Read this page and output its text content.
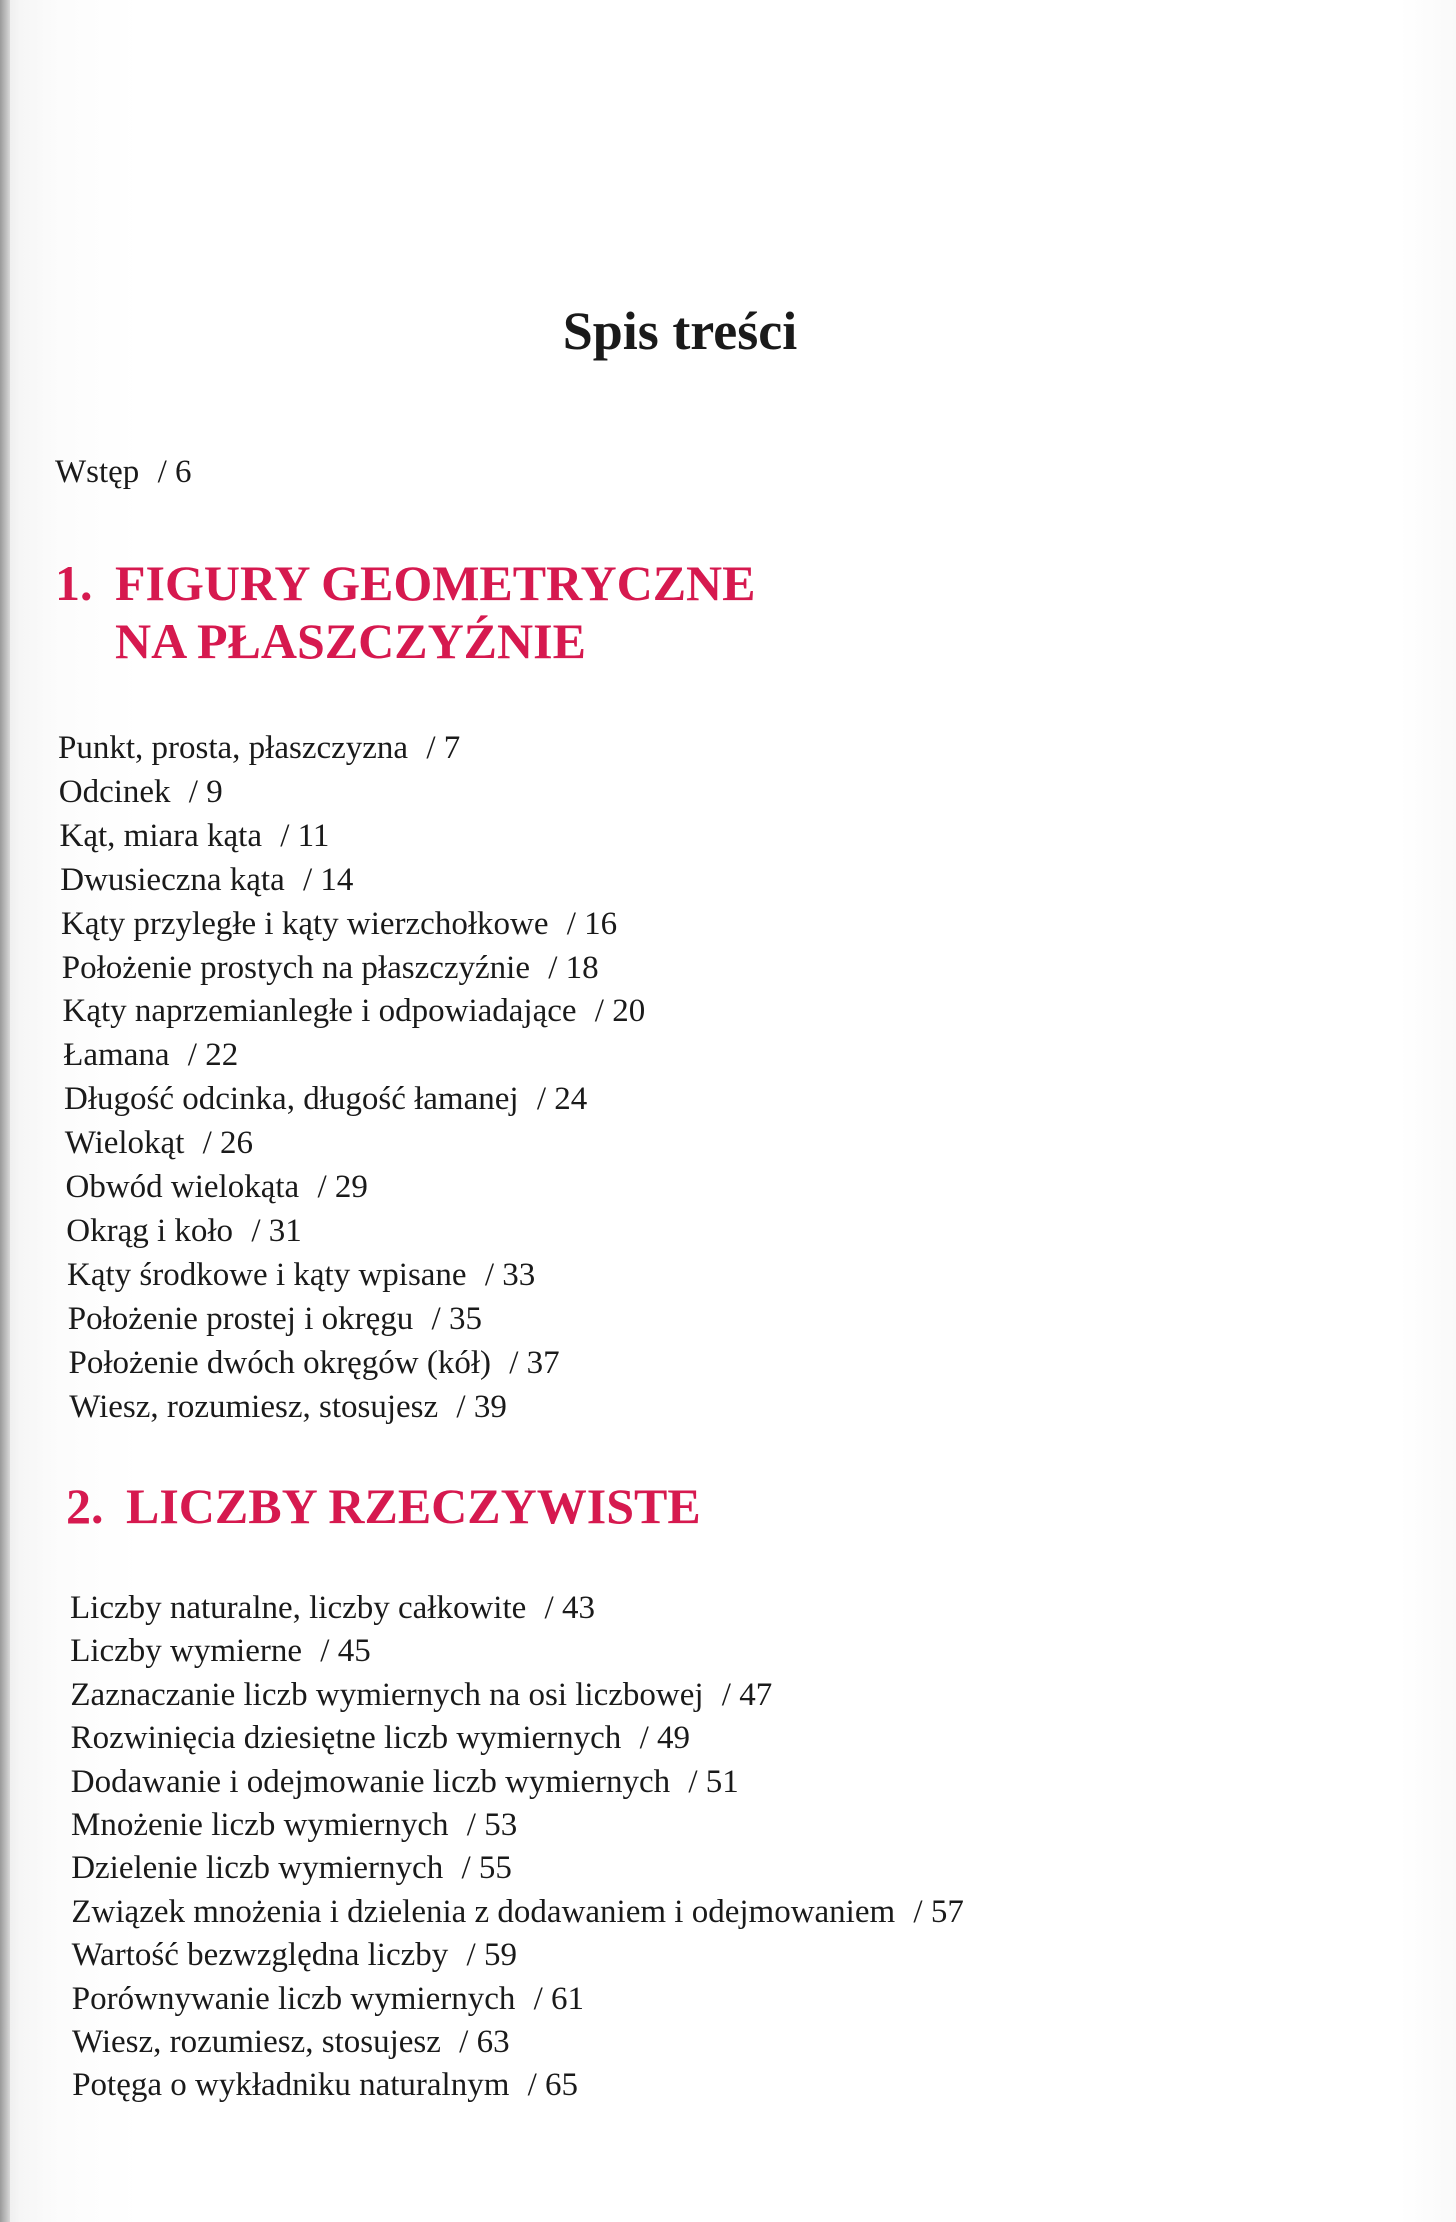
Spis treści
Wstęp / 6
1. FIGURY GEOMETRYCZNE
NA PŁASZCZYŹNIE
Punkt, prosta, płaszczyzna / 7
Odcinek / 9
Kąt, miara kąta / 11
Dwusieczna kąta / 14
Kąty przyległe i kąty wierzchołkowe / 16
Położenie prostych na płaszczyźnie / 18
Kąty naprzemianległe i odpowiadające / 20
Łamana / 22
Długość odcinka, długość łamanej / 24
Wielokąt / 26
Obwód wielokąta / 29
Okrąg i koło / 31
Kąty środkowe i kąty wpisane / 33
Położenie prostej i okręgu / 35
Położenie dwóch okręgów (kół) / 37
Wiesz, rozumiesz, stosujesz / 39
2. LICZBY RZECZYWISTE
Liczby naturalne, liczby całkowite / 43
Liczby wymierne / 45
Zaznaczanie liczb wymiernych na osi liczbowej / 47
Rozwinięcia dziesiętne liczb wymiernych / 49
Dodawanie i odejmowanie liczb wymiernych / 51
Mnożenie liczb wymiernych / 53
Dzielenie liczb wymiernych / 55
Związek mnożenia i dzielenia z dodawaniem i odejmowaniem / 57
Wartość bezwzględna liczby / 59
Porównywanie liczb wymiernych / 61
Wiesz, rozumiesz, stosujesz / 63
Potęga o wykładniku naturalnym / 65
